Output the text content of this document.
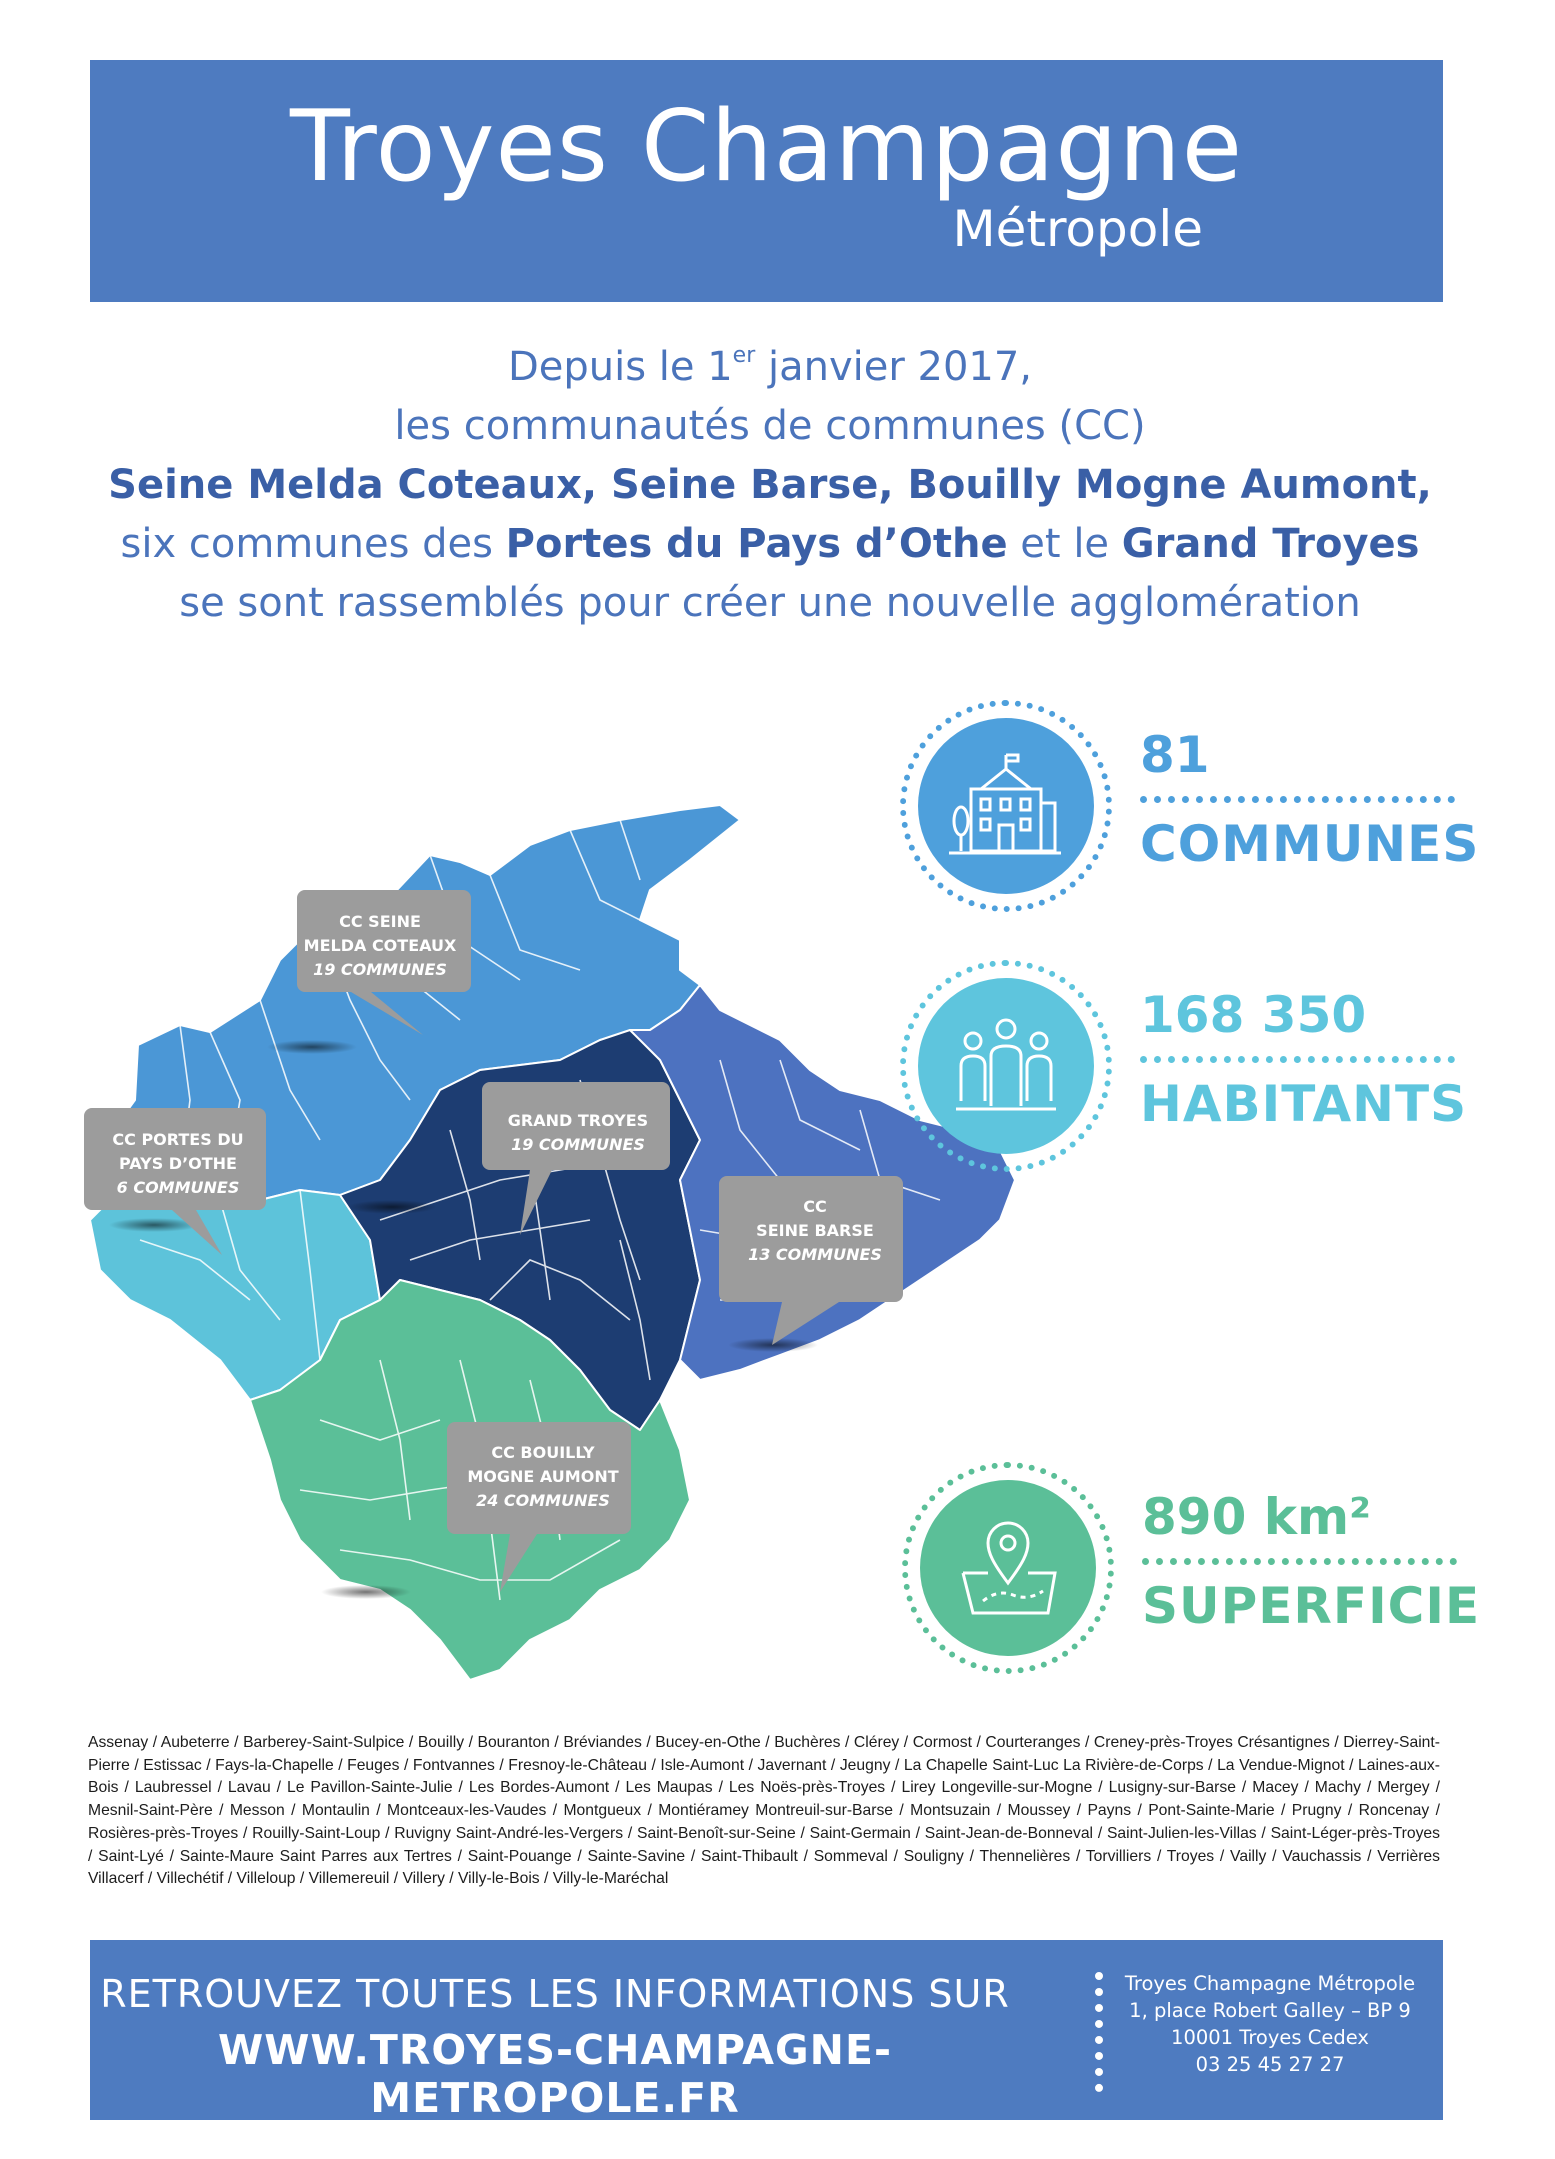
Troyes Champagne
Métropole
Depuis le 1er janvier 2017,
les communautés de communes (CC)
Seine Melda Coteaux, Seine Barse, Bouilly Mogne Aumont,
six communes des Portes du Pays d’Othe et le Grand Troyes
se sont rassemblés pour créer une nouvelle agglomération
CC SEINE
MELDA COTEAUX
19 COMMUNES
CC PORTES DU
PAYS D’OTHE
6 COMMUNES
GRAND TROYES
19 COMMUNES
CC
SEINE BARSE
13 COMMUNES
CC BOUILLY
MOGNE AUMONT
24 COMMUNES
81
COMMUNES
168 350
HABITANTS
890 km²
SUPERFICIE
Assenay / Aubeterre / Barberey-Saint-Sulpice / Bouilly / Bouranton / Bréviandes / Bucey-en-Othe / Buchères / Clérey / Cormost / Courteranges / Creney-près-Troyes Crésantignes / Dierrey-Saint-Pierre / Estissac / Fays-la-Chapelle / Feuges / Fontvannes / Fresnoy-le-Château / Isle-Aumont / Javernant / Jeugny / La Chapelle Saint-Luc La Rivière-de-Corps / La Vendue-Mignot / Laines-aux-Bois / Laubressel / Lavau / Le Pavillon-Sainte-Julie / Les Bordes-Aumont / Les Maupas / Les Noës-près-Troyes / Lirey Longeville-sur-Mogne / Lusigny-sur-Barse / Macey / Machy / Mergey / Mesnil-Saint-Père / Messon / Montaulin / Montceaux-les-Vaudes / Montgueux / Montiéramey Montreuil-sur-Barse / Montsuzain / Moussey / Payns / Pont-Sainte-Marie / Prugny / Roncenay / Rosières-près-Troyes / Rouilly-Saint-Loup / Ruvigny Saint-André-les-Vergers / Saint-Benoît-sur-Seine / Saint-Germain / Saint-Jean-de-Bonneval / Saint-Julien-les-Villas / Saint-Léger-près-Troyes / Saint-Lyé / Sainte-Maure Saint Parres aux Tertres / Saint-Pouange / Sainte-Savine / Saint-Thibault / Sommeval / Souligny / Thennelières / Torvilliers / Troyes / Vailly / Vauchassis / Verrières Villacerf / Villechétif / Villeloup / Villemereuil / Villery / Villy-le-Bois / Villy-le-Maréchal
RETROUVEZ TOUTES LES INFORMATIONS SUR
WWW.TROYES-CHAMPAGNE-METROPOLE.FR
Troyes Champagne Métropole
1, place Robert Galley – BP 9
10001 Troyes Cedex
03 25 45 27 27
